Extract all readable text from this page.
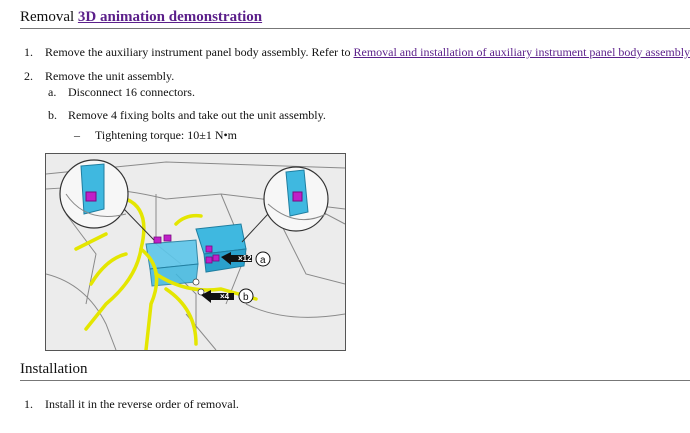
Removal 3D animation demonstration
1. Remove the auxiliary instrument panel body assembly. Refer to Removal and installation of auxiliary instrument panel body assembly
2. Remove the unit assembly.
a. Disconnect 16 connectors.
b. Remove 4 fixing bolts and take out the unit assembly.
– Tightening torque: 10±1 N•m
×12 a
×4 b
Installation
1. Install it in the reverse order of removal.
